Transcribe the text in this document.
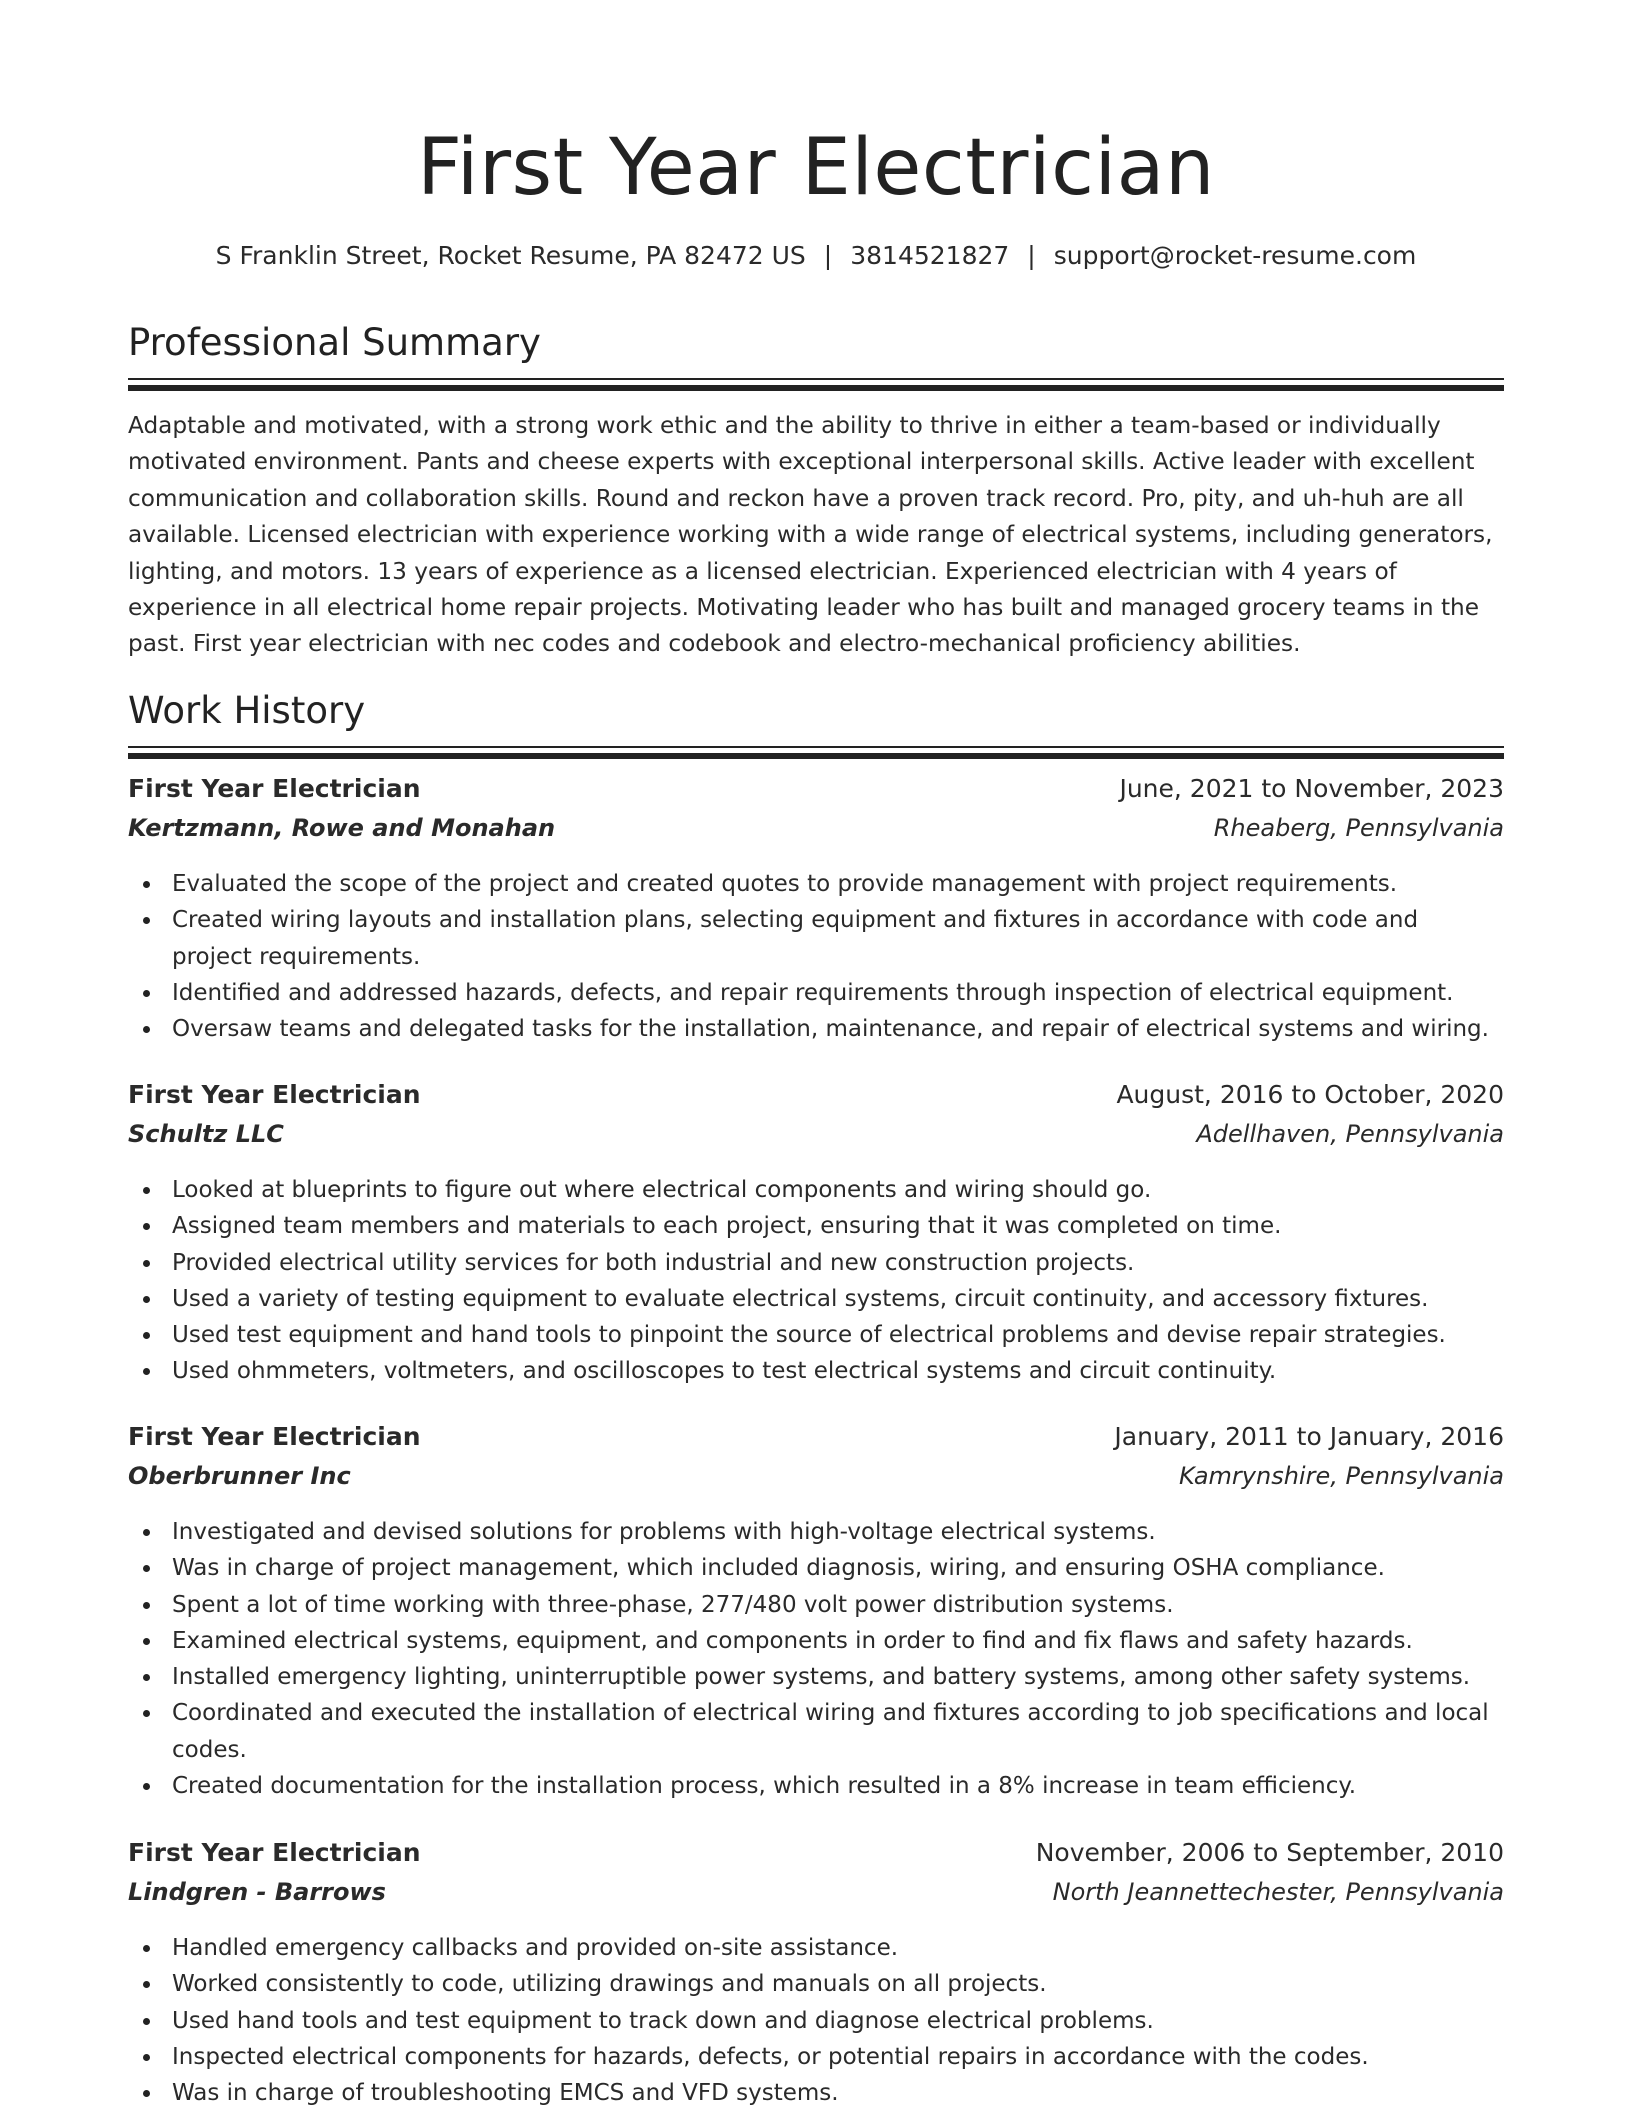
First Year Electrician
S Franklin Street, Rocket Resume, PA 82472 US | 3814521827 | support@rocket-resume.com
Professional Summary

Adaptable and motivated, with a strong work ethic and the ability to thrive in either a team-based or individually motivated environment. Pants and cheese experts with exceptional interpersonal skills. Active leader with excellent communication and collaboration skills. Round and reckon have a proven track record. Pro, pity, and uh-huh are all available. Licensed electrician with experience working with a wide range of electrical systems, including generators, lighting, and motors. 13 years of experience as a licensed electrician. Experienced electrician with 4 years of experience in all electrical home repair projects. Motivating leader who has built and managed grocery teams in the past. First year electrician with nec codes and codebook and electro-mechanical proficiency abilities.

Work History
First Year Electrician	June, 2021 to November, 2023
Kertzmann, Rowe and Monahan	Rheaberg, Pennsylvania
Evaluated the scope of the project and created quotes to provide management with project requirements.
Created wiring layouts and installation plans, selecting equipment and fixtures in accordance with code and project requirements.
Identified and addressed hazards, defects, and repair requirements through inspection of electrical equipment.
Oversaw teams and delegated tasks for the installation, maintenance, and repair of electrical systems and wiring.
First Year Electrician	August, 2016 to October, 2020
Schultz LLC	Adellhaven, Pennsylvania
Looked at blueprints to figure out where electrical components and wiring should go.
Assigned team members and materials to each project, ensuring that it was completed on time.
Provided electrical utility services for both industrial and new construction projects.
Used a variety of testing equipment to evaluate electrical systems, circuit continuity, and accessory fixtures.
Used test equipment and hand tools to pinpoint the source of electrical problems and devise repair strategies.
Used ohmmeters, voltmeters, and oscilloscopes to test electrical systems and circuit continuity.
First Year Electrician	January, 2011 to January, 2016
Oberbrunner Inc	Kamrynshire, Pennsylvania
Investigated and devised solutions for problems with high-voltage electrical systems.
Was in charge of project management, which included diagnosis, wiring, and ensuring OSHA compliance.
Spent a lot of time working with three-phase, 277/480 volt power distribution systems.
Examined electrical systems, equipment, and components in order to find and fix flaws and safety hazards.
Installed emergency lighting, uninterruptible power systems, and battery systems, among other safety systems.
Coordinated and executed the installation of electrical wiring and fixtures according to job specifications and local codes.
Created documentation for the installation process, which resulted in a 8% increase in team efficiency.
First Year Electrician	November, 2006 to September, 2010
Lindgren - Barrows	North Jeannettechester, Pennsylvania
Handled emergency callbacks and provided on-site assistance.
Worked consistently to code, utilizing drawings and manuals on all projects.
Used hand tools and test equipment to track down and diagnose electrical problems.
Inspected electrical components for hazards, defects, or potential repairs in accordance with the codes.
Was in charge of troubleshooting EMCS and VFD systems.
